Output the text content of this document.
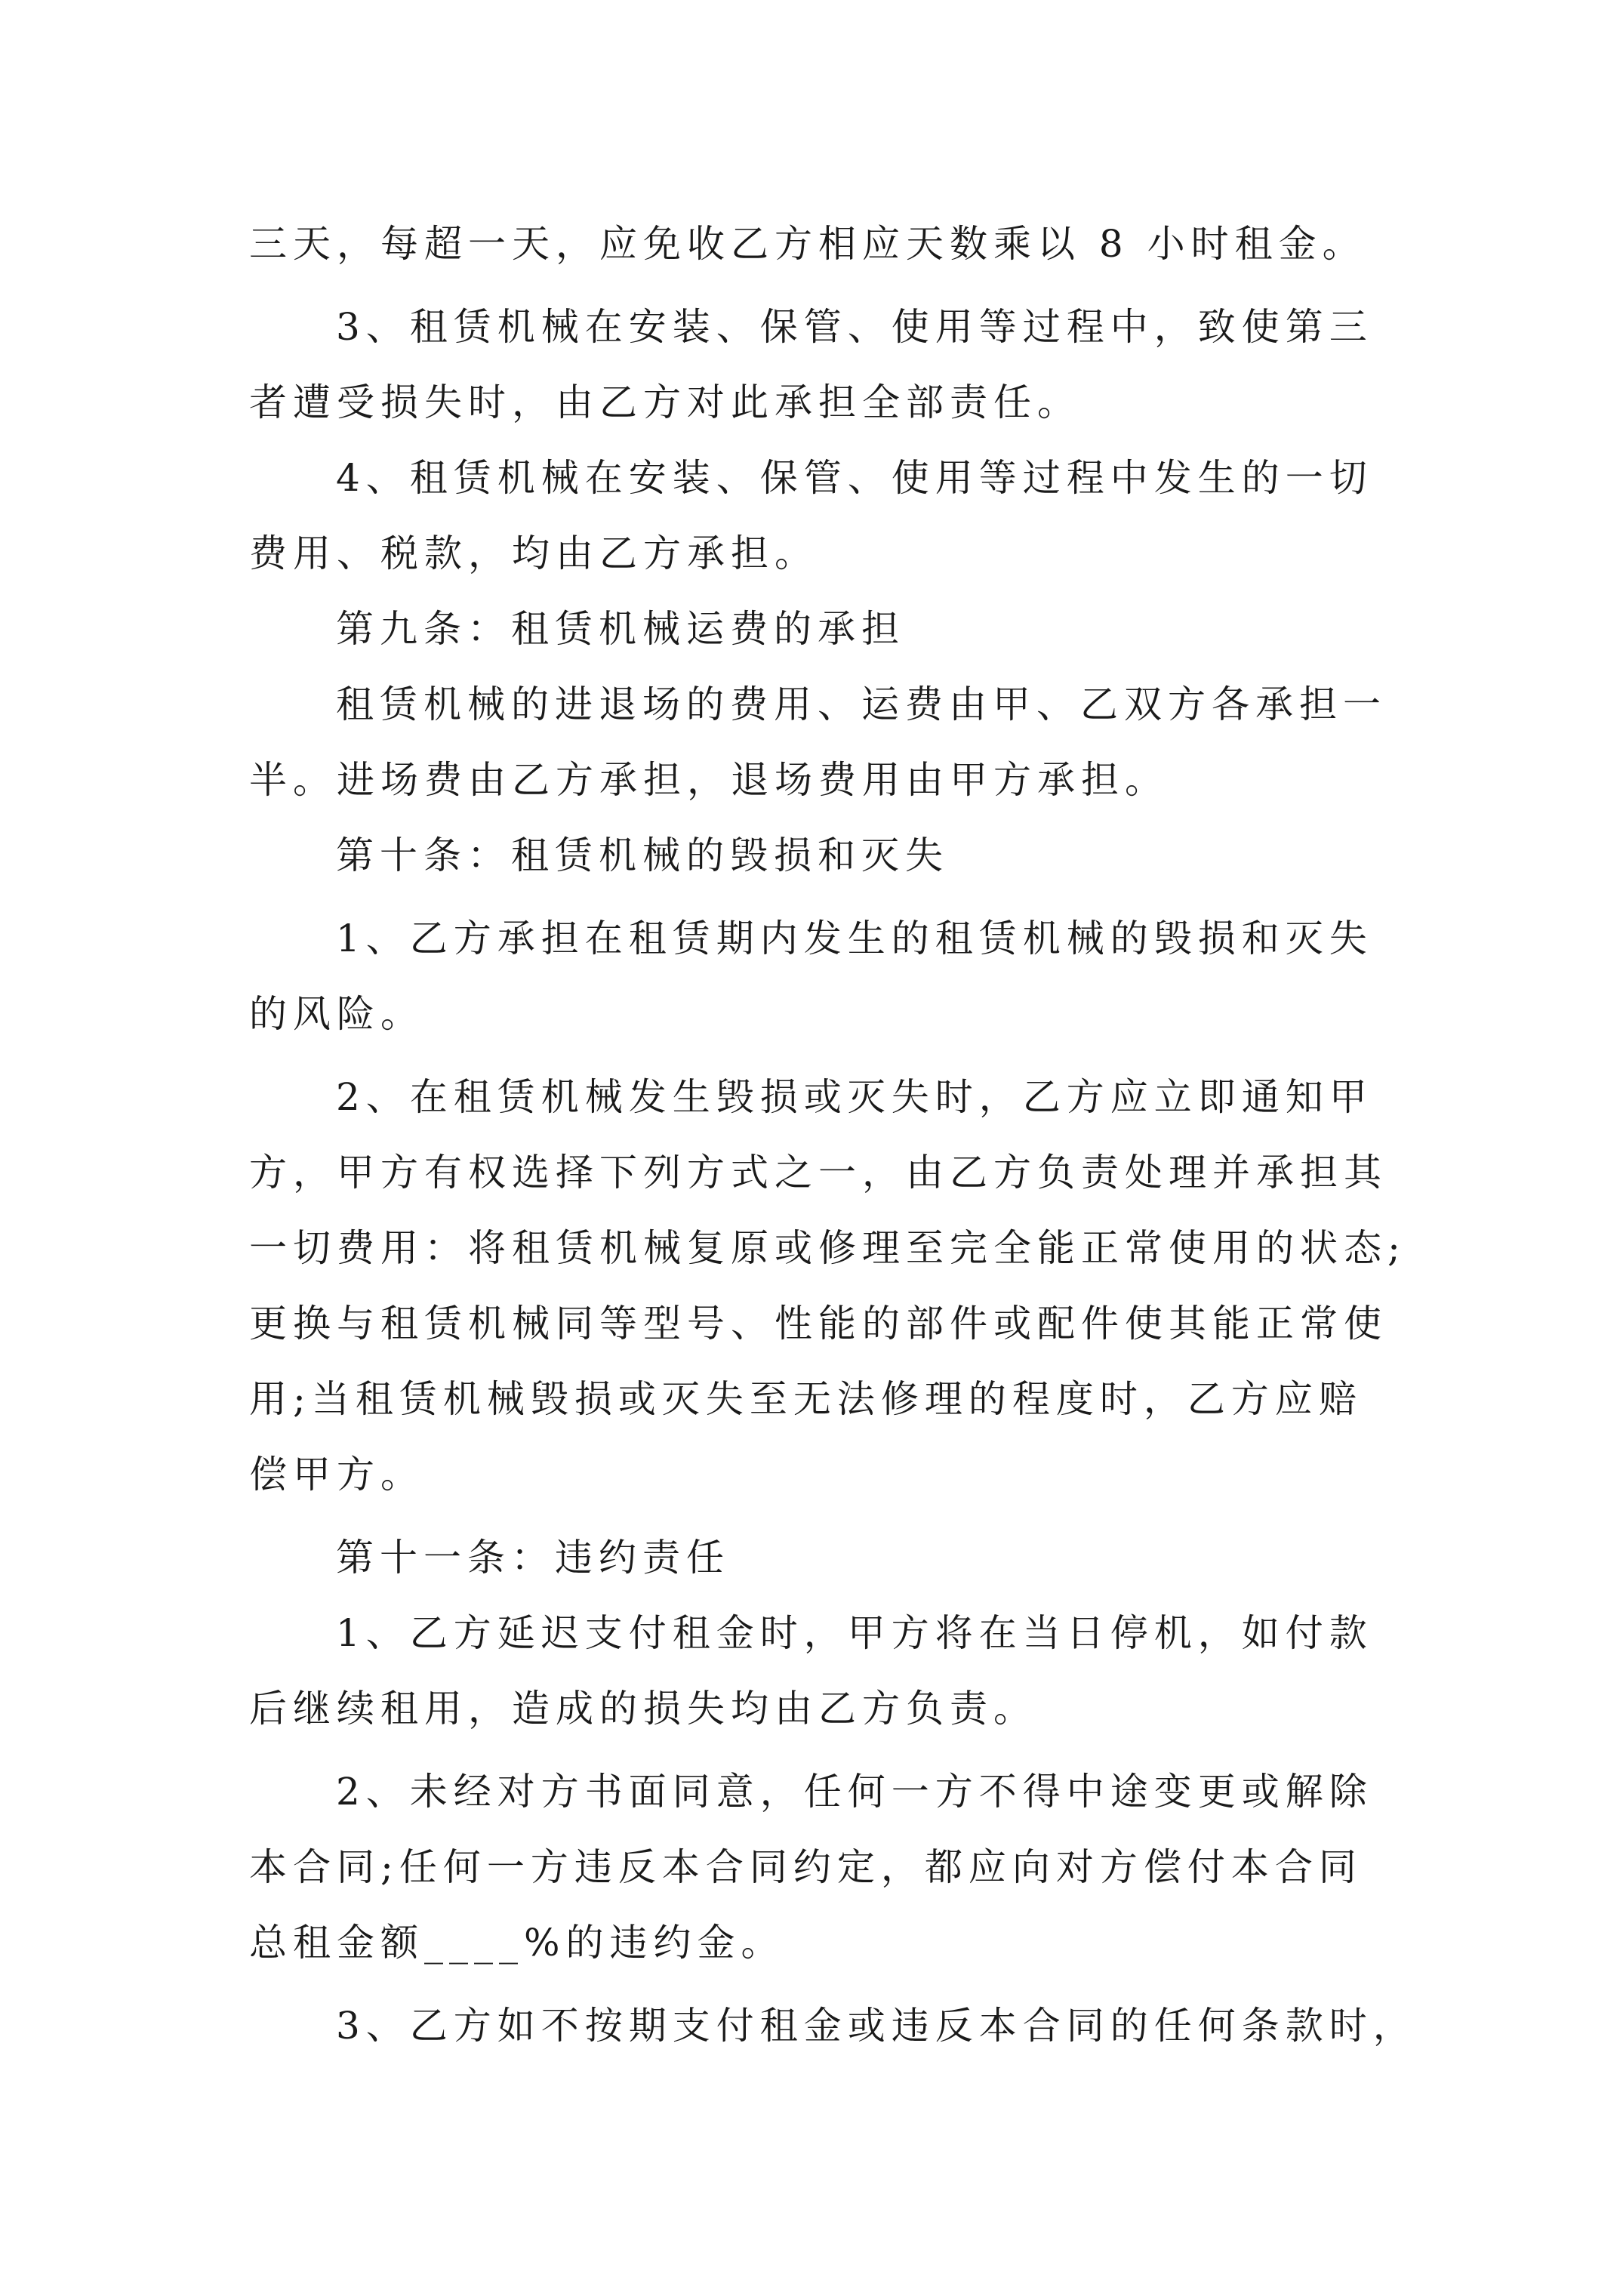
三天，每超一天，应免收乙方相应天数乘以 8 小时租金。
3、租赁机械在安装、保管、使用等过程中，致使第三
者遭受损失时，由乙方对此承担全部责任。
4、租赁机械在安装、保管、使用等过程中发生的一切
费用、税款，均由乙方承担。
第九条：租赁机械运费的承担
租赁机械的进退场的费用、运费由甲、乙双方各承担一
半。进场费由乙方承担，退场费用由甲方承担。
第十条：租赁机械的毁损和灭失
1、乙方承担在租赁期内发生的租赁机械的毁损和灭失
的风险。
2、在租赁机械发生毁损或灭失时，乙方应立即通知甲
方，甲方有权选择下列方式之一，由乙方负责处理并承担其
一切费用：将租赁机械复原或修理至完全能正常使用的状态;
更换与租赁机械同等型号、性能的部件或配件使其能正常使
用;当租赁机械毁损或灭失至无法修理的程度时，乙方应赔
偿甲方。
第十一条：违约责任
1、乙方延迟支付租金时，甲方将在当日停机，如付款
后继续租用，造成的损失均由乙方负责。
2、未经对方书面同意，任何一方不得中途变更或解除
本合同;任何一方违反本合同约定，都应向对方偿付本合同
总租金额____%的违约金。
3、乙方如不按期支付租金或违反本合同的任何条款时，
